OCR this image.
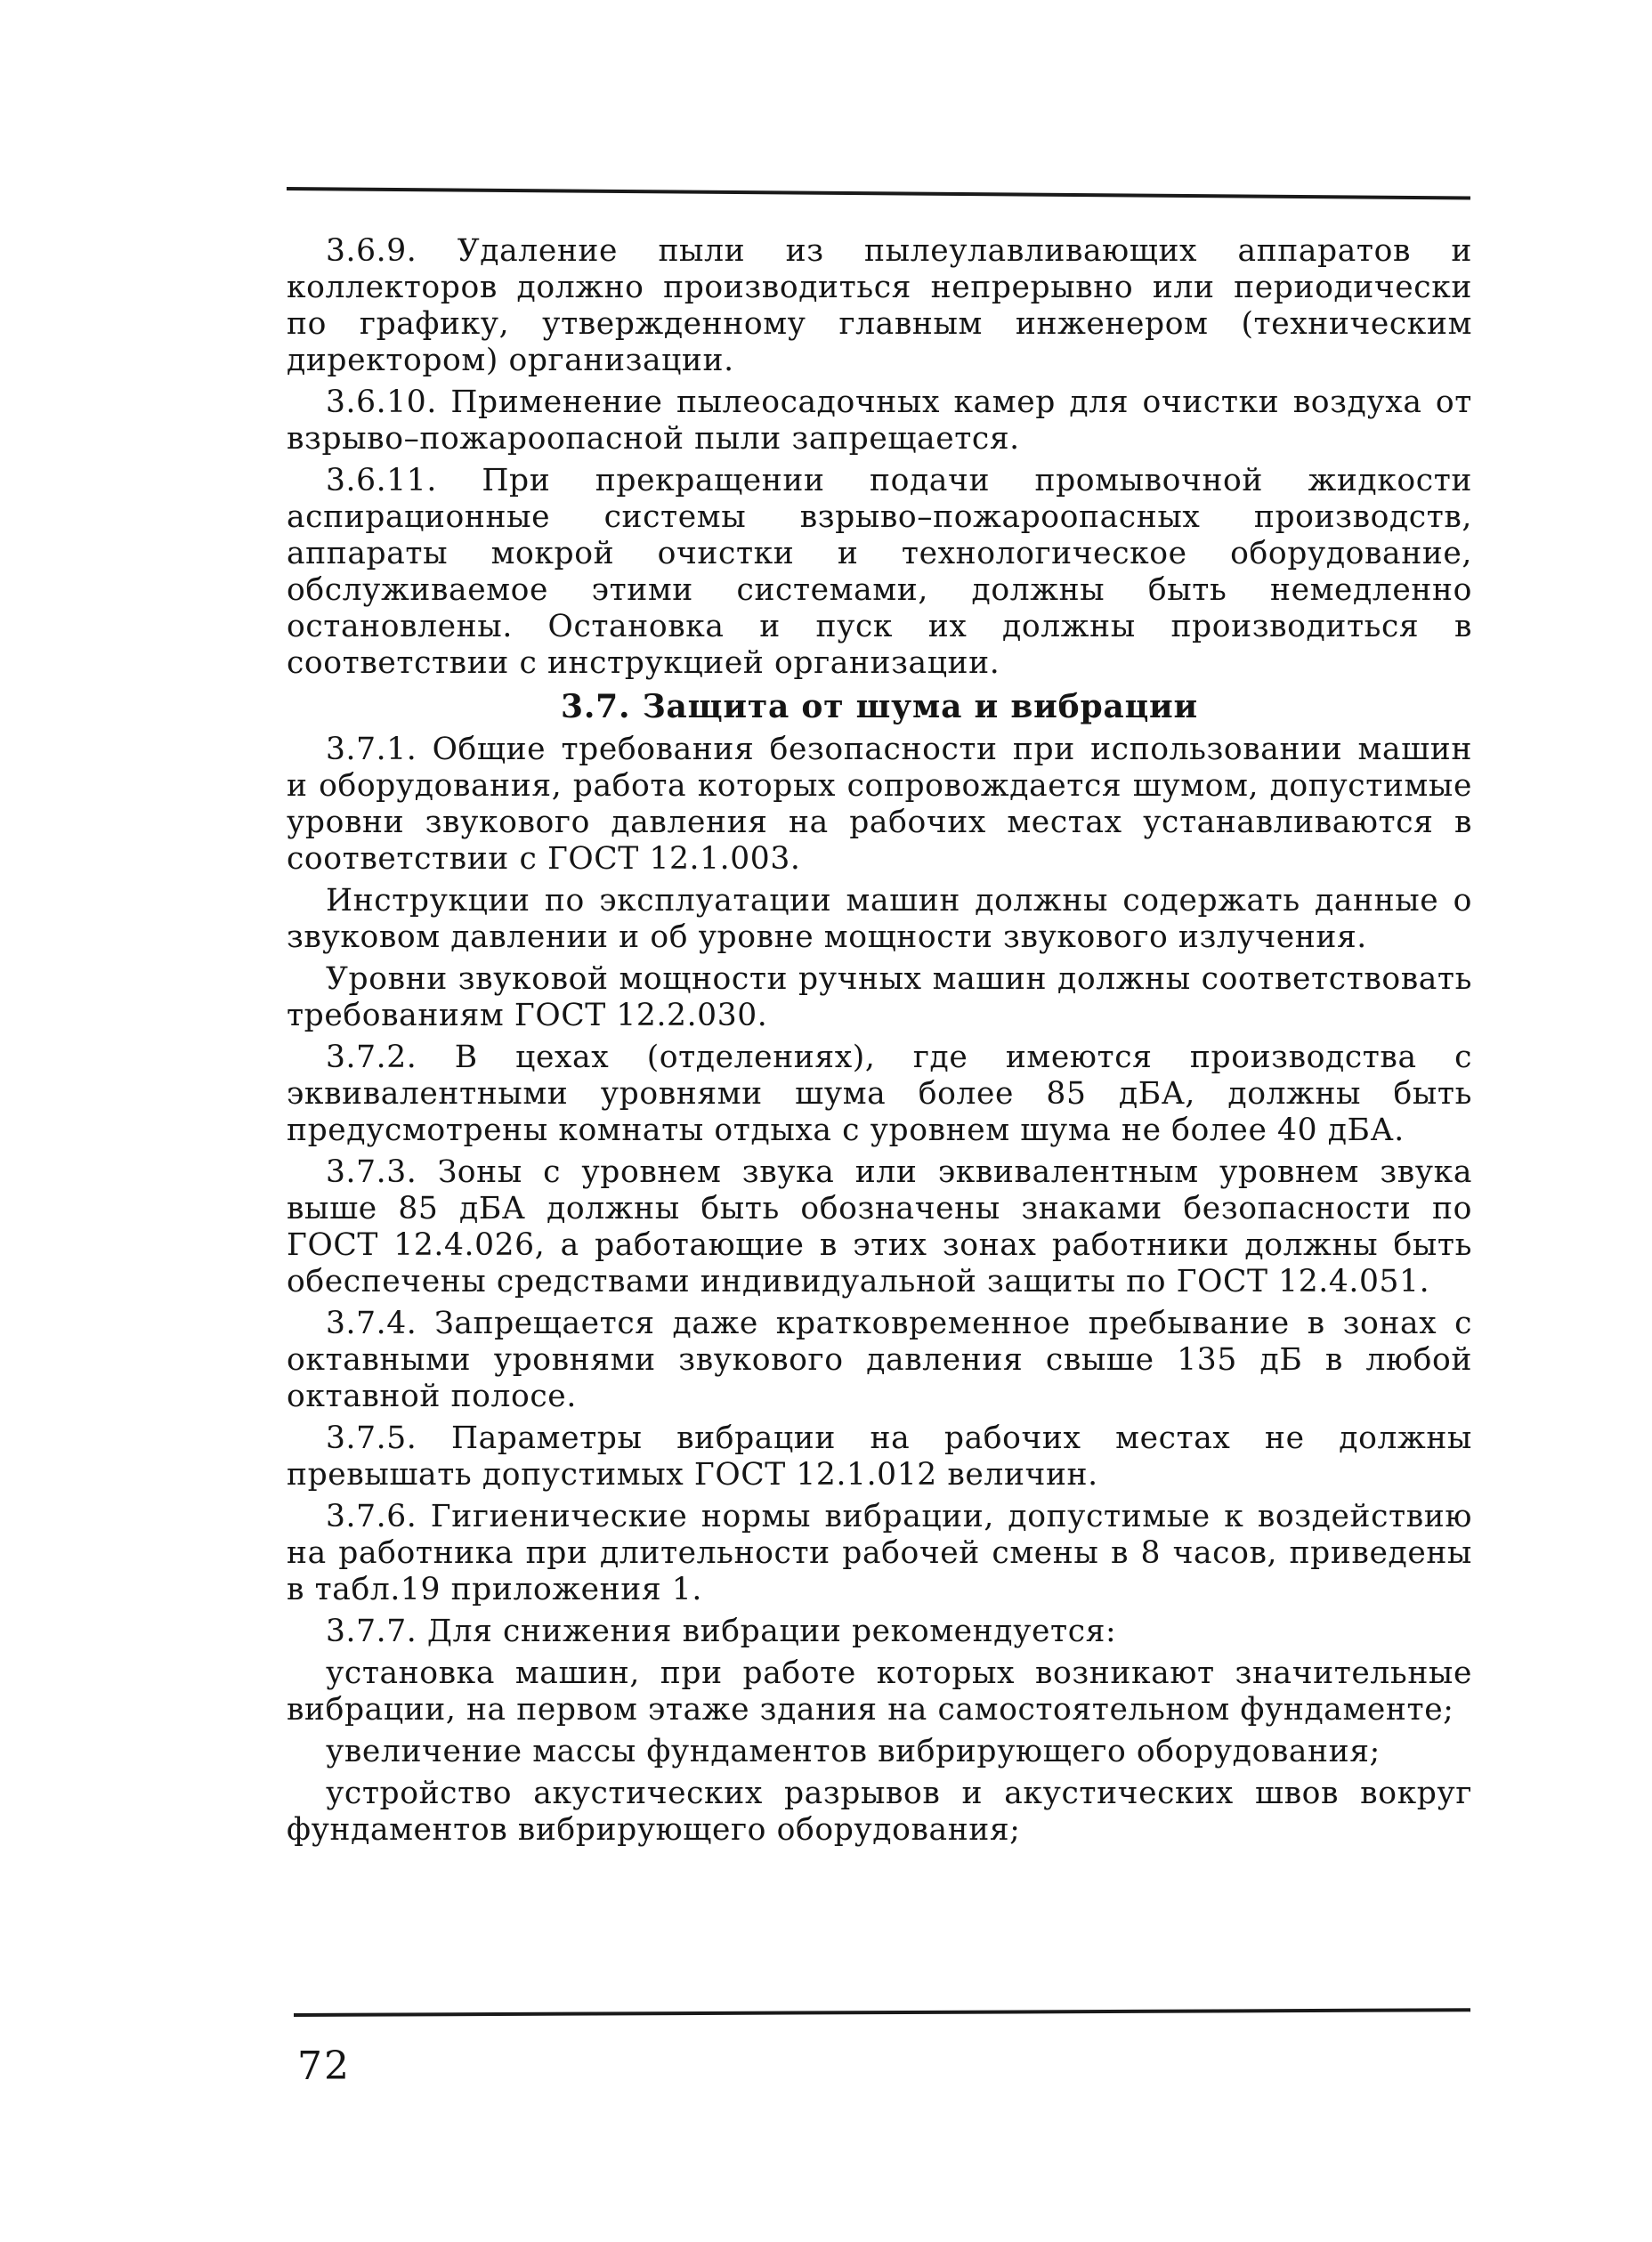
3.6.9. Удаление пыли из пылеулавливающих аппаратов и коллекторов должно производиться непрерывно или периодически по графику, утвержденному главным инженером (техническим директором) организации.

3.6.10. Применение пылеосадочных камер для очистки воздуха от взрыво–пожароопасной пыли запрещается.

3.6.11. При прекращении подачи промывочной жидкости аспирационные системы взрыво–пожароопасных производств, аппараты мокрой очистки и технологическое оборудование, обслуживаемое этими системами, должны быть немедленно остановлены. Остановка и пуск их должны производиться в соответствии с инструкцией организации.

3.7. Защита от шума и вибрации

3.7.1. Общие требования безопасности при использовании машин и оборудования, работа которых сопровождается шумом, допустимые уровни звукового давления на рабочих местах устанавливаются в соответствии с ГОСТ 12.1.003.

Инструкции по эксплуатации машин должны содержать данные о звуковом давлении и об уровне мощности звукового излучения.

Уровни звуковой мощности ручных машин должны соответствовать требованиям ГОСТ 12.2.030.

3.7.2. В цехах (отделениях), где имеются производства с эквивалентными уровнями шума более 85 дБА, должны быть предусмотрены комнаты отдыха с уровнем шума не более 40 дБА.

3.7.3. Зоны с уровнем звука или эквивалентным уровнем звука выше 85 дБА должны быть обозначены знаками безопасности по ГОСТ 12.4.026, а работающие в этих зонах работники должны быть обеспечены средствами индивидуальной защиты по ГОСТ 12.4.051.

3.7.4. Запрещается даже кратковременное пребывание в зонах с октавными уровнями звукового давления свыше 135 дБ в любой октавной полосе.

3.7.5. Параметры вибрации на рабочих местах не должны превышать допустимых ГОСТ 12.1.012 величин.

3.7.6. Гигиенические нормы вибрации, допустимые к воздействию на работника при длительности рабочей смены в 8 часов, приведены в табл.19 приложения 1.

3.7.7. Для снижения вибрации рекомендуется:

установка машин, при работе которых возникают значительные вибрации, на первом этаже здания на самостоятельном фундаменте;

увеличение массы фундаментов вибрирующего оборудования;

устройство акустических разрывов и акустических швов вокруг фундаментов вибрирующего оборудования;

72
